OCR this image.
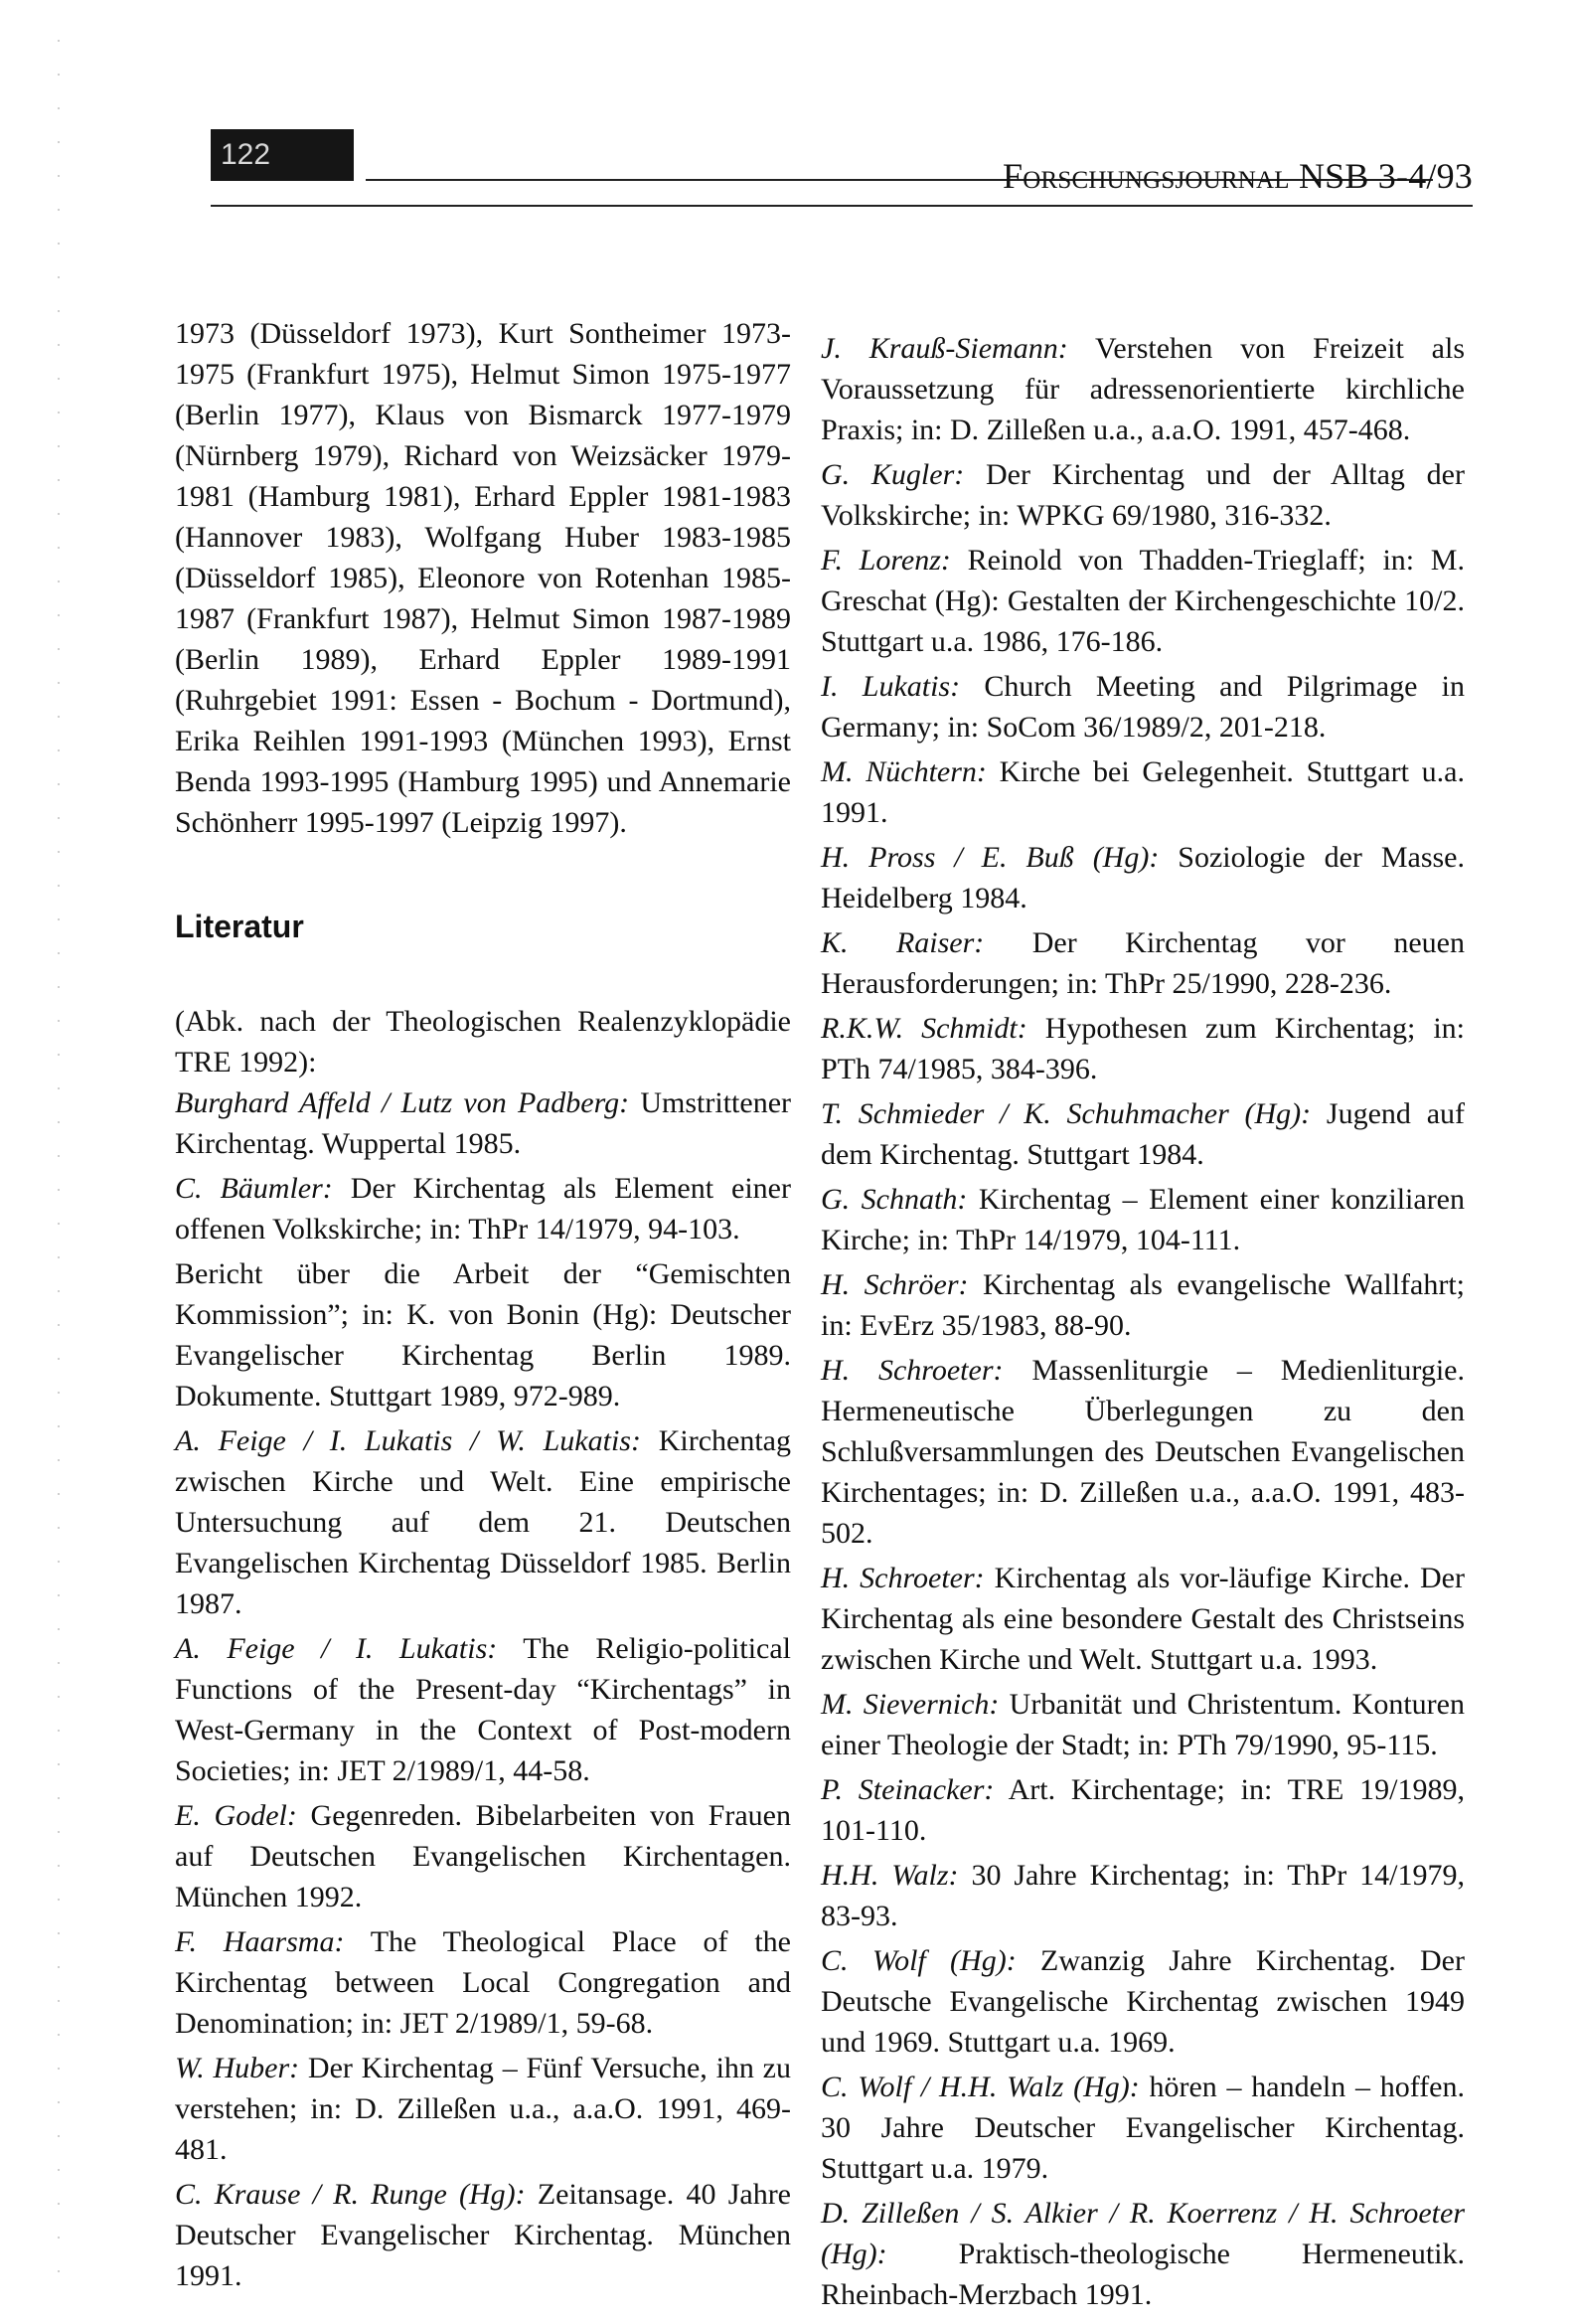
122
Forschungsjournal NSB 3-4/93

1973 (Düsseldorf 1973), Kurt Sontheimer 1973-1975 (Frankfurt 1975), Helmut Simon 1975-1977 (Berlin 1977), Klaus von Bismarck 1977-1979 (Nürnberg 1979), Richard von Weizsäcker 1979-1981 (Hamburg 1981), Erhard Eppler 1981-1983 (Hannover 1983), Wolfgang Huber 1983-1985 (Düsseldorf 1985), Eleonore von Rotenhan 1985-1987 (Frankfurt 1987), Helmut Simon 1987-1989 (Berlin 1989), Erhard Eppler 1989-1991 (Ruhrgebiet 1991: Essen - Bochum - Dortmund), Erika Reihlen 1991-1993 (München 1993), Ernst Benda 1993-1995 (Hamburg 1995) und Annemarie Schönherr 1995-1997 (Leipzig 1997).

Literatur

(Abk. nach der Theologischen Realenzyklopädie TRE 1992):

Burghard Affeld / Lutz von Padberg: Umstrittener Kirchentag. Wuppertal 1985.

C. Bäumler: Der Kirchentag als Element einer offenen Volkskirche; in: ThPr 14/1979, 94-103.

Bericht über die Arbeit der “Gemischten Kommission”; in: K. von Bonin (Hg): Deutscher Evangelischer Kirchentag Berlin 1989. Dokumente. Stuttgart 1989, 972-989.

A. Feige / I. Lukatis / W. Lukatis: Kirchentag zwischen Kirche und Welt. Eine empirische Untersuchung auf dem 21. Deutschen Evangelischen Kirchentag Düsseldorf 1985. Berlin 1987.

A. Feige / I. Lukatis: The Religio-political Functions of the Present-day “Kirchentags” in West-Germany in the Context of Post-modern Societies; in: JET 2/1989/1, 44-58.

E. Godel: Gegenreden. Bibelarbeiten von Frauen auf Deutschen Evangelischen Kirchentagen. München 1992.

F. Haarsma: The Theological Place of the Kirchentag between Local Congregation and Denomination; in: JET 2/1989/1, 59-68.

W. Huber: Der Kirchentag – Fünf Versuche, ihn zu verstehen; in: D. Zilleßen u.a., a.a.O. 1991, 469-481.

C. Krause / R. Runge (Hg): Zeitansage. 40 Jahre Deutscher Evangelischer Kirchentag. München 1991.

J. Krauß-Siemann: Verstehen von Freizeit als Voraussetzung für adressenorientierte kirchliche Praxis; in: D. Zilleßen u.a., a.a.O. 1991, 457-468.

G. Kugler: Der Kirchentag und der Alltag der Volkskirche; in: WPKG 69/1980, 316-332.

F. Lorenz: Reinold von Thadden-Trieglaff; in: M. Greschat (Hg): Gestalten der Kirchengeschichte 10/2. Stuttgart u.a. 1986, 176-186.

I. Lukatis: Church Meeting and Pilgrimage in Germany; in: SoCom 36/1989/2, 201-218.

M. Nüchtern: Kirche bei Gelegenheit. Stuttgart u.a. 1991.

H. Pross / E. Buß (Hg): Soziologie der Masse. Heidelberg 1984.

K. Raiser: Der Kirchentag vor neuen Herausforderungen; in: ThPr 25/1990, 228-236.

R.K.W. Schmidt: Hypothesen zum Kirchentag; in: PTh 74/1985, 384-396.

T. Schmieder / K. Schuhmacher (Hg): Jugend auf dem Kirchentag. Stuttgart 1984.

G. Schnath: Kirchentag – Element einer konziliaren Kirche; in: ThPr 14/1979, 104-111.

H. Schröer: Kirchentag als evangelische Wallfahrt; in: EvErz 35/1983, 88-90.

H. Schroeter: Massenliturgie – Medienliturgie. Hermeneutische Überlegungen zu den Schlußversammlungen des Deutschen Evangelischen Kirchentages; in: D. Zilleßen u.a., a.a.O. 1991, 483-502.

H. Schroeter: Kirchentag als vor-läufige Kirche. Der Kirchentag als eine besondere Gestalt des Christseins zwischen Kirche und Welt. Stuttgart u.a. 1993.

M. Sievernich: Urbanität und Christentum. Konturen einer Theologie der Stadt; in: PTh 79/1990, 95-115.

P. Steinacker: Art. Kirchentage; in: TRE 19/1989, 101-110.

H.H. Walz: 30 Jahre Kirchentag; in: ThPr 14/1979, 83-93.

C. Wolf (Hg): Zwanzig Jahre Kirchentag. Der Deutsche Evangelische Kirchentag zwischen 1949 und 1969. Stuttgart u.a. 1969.

C. Wolf / H.H. Walz (Hg): hören – handeln – hoffen. 30 Jahre Deutscher Evangelischer Kirchentag. Stuttgart u.a. 1979.

D. Zilleßen / S. Alkier / R. Koerrenz / H. Schroeter (Hg): Praktisch-theologische Hermeneutik. Rheinbach-Merzbach 1991.
